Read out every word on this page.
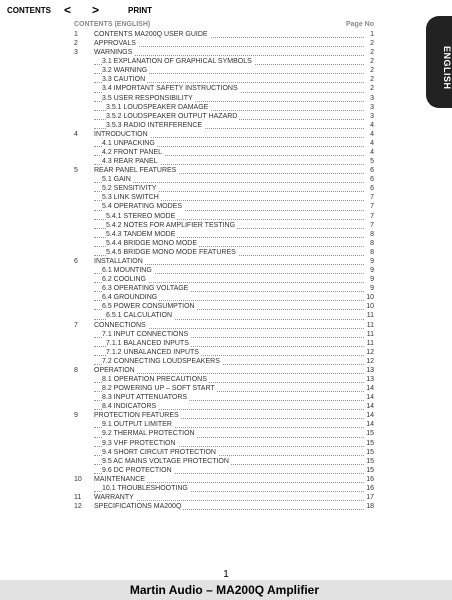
CONTENTS < >	PRINT
CONTENTS (ENGLISH)	Page No
1 CONTENTS MA200Q USER GUIDE	1
2 APPROVALS	2
3 WARNINGS	2
3.1 EXPLANATION OF GRAPHICAL SYMBOLS	2
3.2 WARNING	2
3.3 CAUTION	2
3.4 IMPORTANT SAFETY INSTRUCTIONS	2
3.5 USER RESPONSIBILITY	3
3.5.1 LOUDSPEAKER DAMAGE	3
3.5.2 LOUDSPEAKER OUTPUT HAZARD	3
3.5.3 RADIO INTERFERENCE	4
4 INTRODUCTION	4
4.1 UNPACKING	4
4.2 FRONT PANEL	4
4.3 REAR PANEL	5
5 REAR PANEL FEATURES	6
5.1 GAIN	6
5.2 SENSITIVITY	6
5.3 LINK SWITCH	7
5.4 OPERATING MODES	7
5.4.1 STEREO MODE	7
5.4.2 NOTES FOR AMPLIFIER TESTING	7
5.4.3 TANDEM MODE	8
5.4.4 BRIDGE MONO MODE	8
5.4.5 BRIDGE MONO MODE FEATURES	8
6 INSTALLATION	9
6.1 MOUNTING	9
6.2 COOLING	9
6.3 OPERATING VOLTAGE	9
6.4 GROUNDING	10
6.5 POWER CONSUMPTION	10
6.5.1 CALCULATION	11
7 CONNECTIONS	11
7.1 INPUT CONNECTIONS	11
7.1.1 BALANCED INPUTS	11
7.1.2 UNBALANCED INPUTS	12
7.2 CONNECTING LOUDSPEAKERS	12
8 OPERATION	13
8.1 OPERATION PRECAUTIONS	13
8.2 POWERING UP – SOFT START	14
8.3 INPUT ATTENUATORS	14
8.4 INDICATORS	14
9 PROTECTION FEATURES	14
9.1 OUTPUT LIMITER	14
9.2 THERMAL PROTECTION	15
9.3 VHF PROTECTION	15
9.4 SHORT CIRCUIT PROTECTION	15
9.5 AC MAINS VOLTAGE PROTECTION	15
9.6 DC PROTECTION	15
10 MAINTENANCE	16
10.1 TROUBLESHOOTING	16
11 WARRANTY	17
12 SPECIFICATIONS MA200Q	18
ENGLISH
1
Martin Audio – MA200Q Amplifier
